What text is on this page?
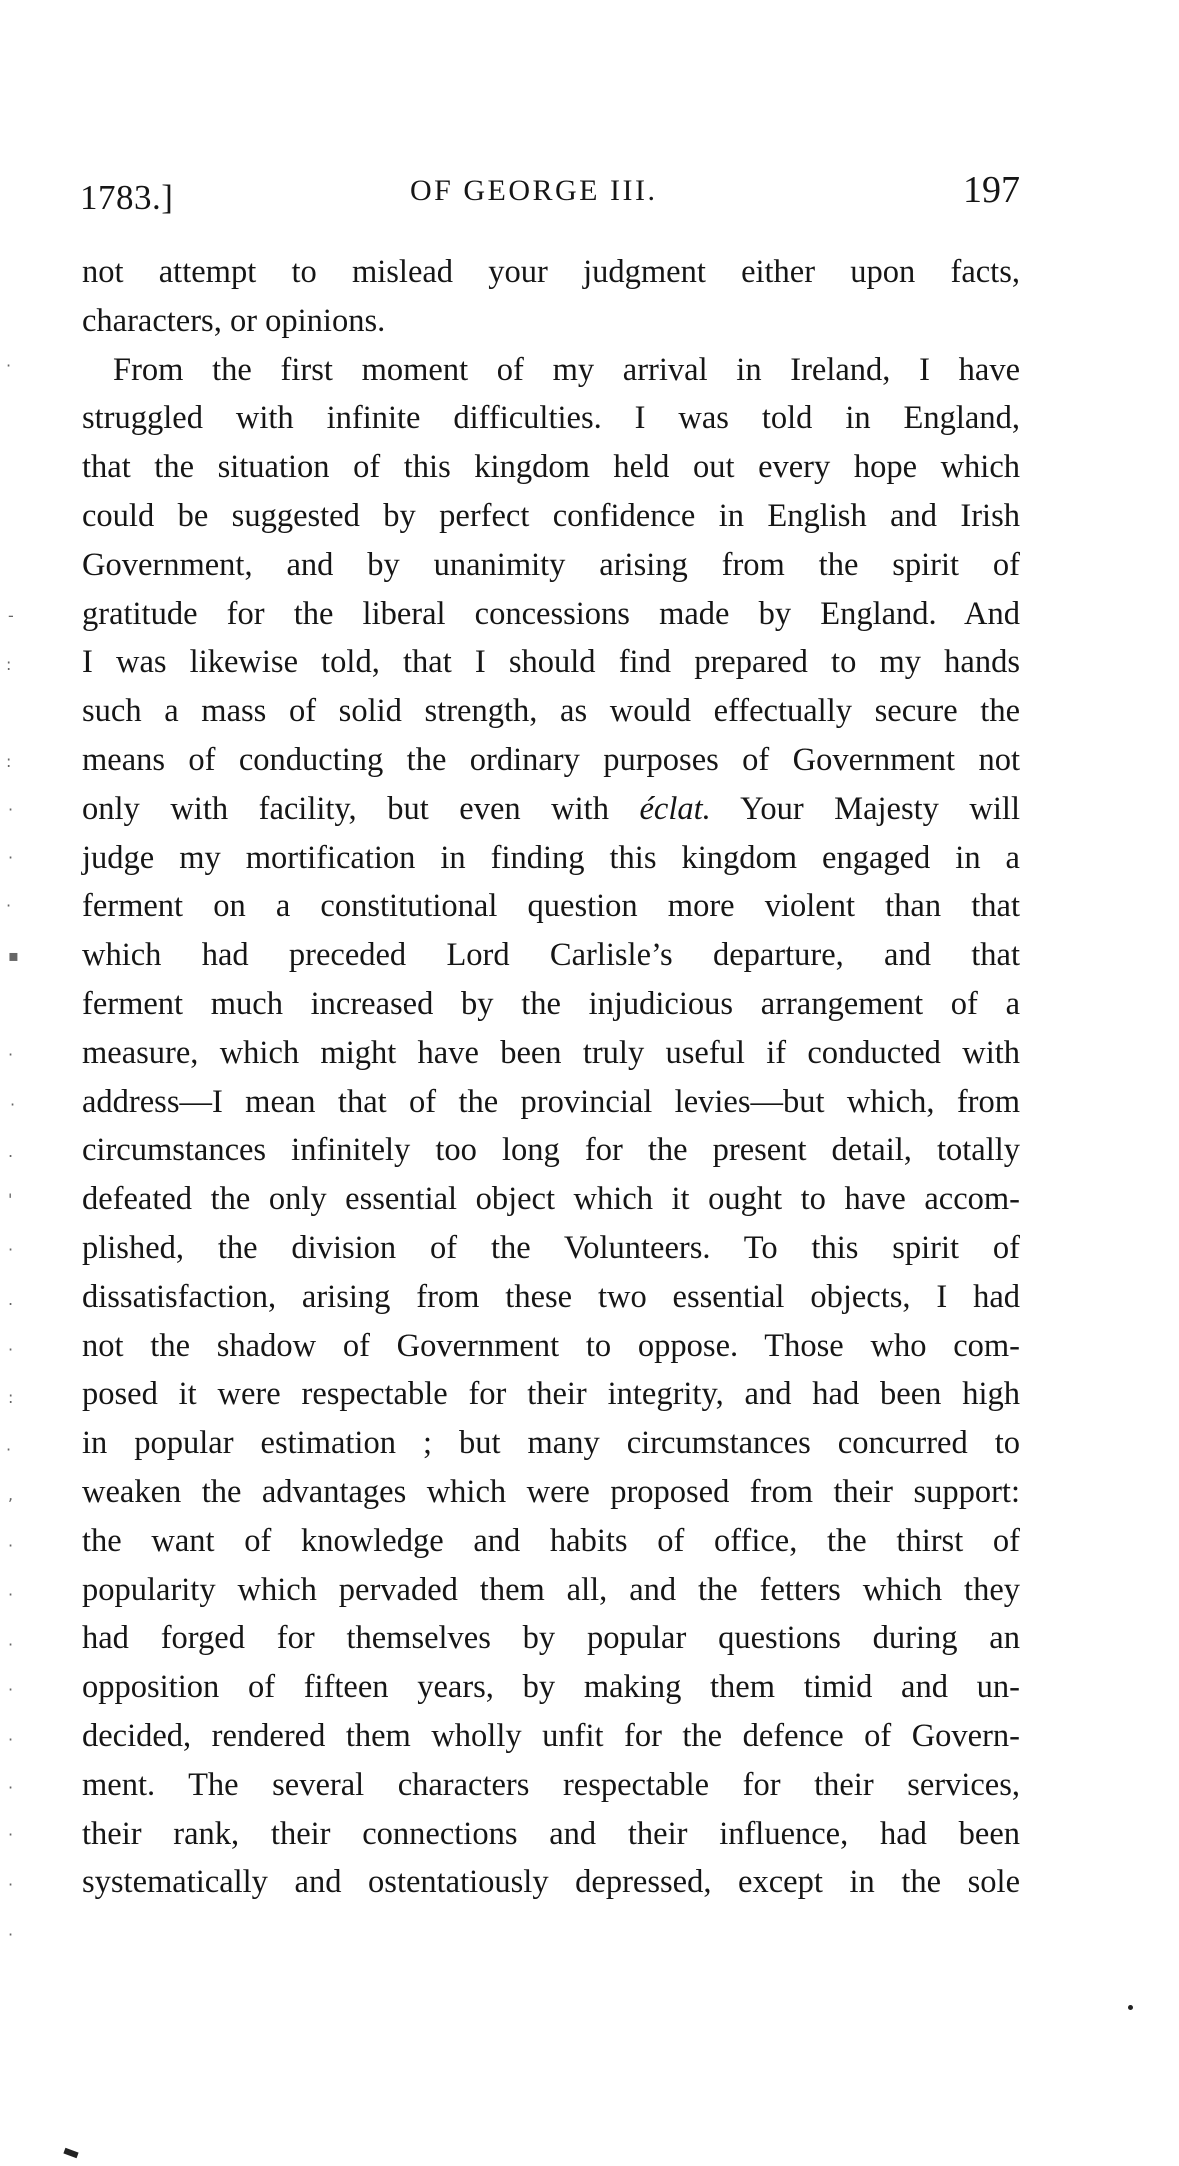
1783.]	OF GEORGE III.	197
not attempt to mislead your judgment either upon facts,
characters, or opinions.
From the first moment of my arrival in Ireland, I have
struggled with infinite difficulties. I was told in England,
that the situation of this kingdom held out every hope which
could be suggested by perfect confidence in English and Irish
Government, and by unanimity arising from the spirit of
gratitude for the liberal concessions made by England. And
I was likewise told, that I should find prepared to my hands
such a mass of solid strength, as would effectually secure the
means of conducting the ordinary purposes of Government not
only with facility, but even with éclat. Your Majesty will
judge my mortification in finding this kingdom engaged in a
ferment on a constitutional question more violent than that
which had preceded Lord Carlisle’s departure, and that
ferment much increased by the injudicious arrangement of a
measure, which might have been truly useful if conducted with
address—I mean that of the provincial levies—but which, from
circumstances infinitely too long for the present detail, totally
defeated the only essential object which it ought to have accom-
plished, the division of the Volunteers. To this spirit of
dissatisfaction, arising from these two essential objects, I had
not the shadow of Government to oppose. Those who com-
posed it were respectable for their integrity, and had been high
in popular estimation ; but many circumstances concurred to
weaken the advantages which were proposed from their support:
the want of knowledge and habits of office, the thirst of
popularity which pervaded them all, and the fetters which they
had forged for themselves by popular questions during an
opposition of fifteen years, by making them timid and un-
decided, rendered them wholly unfit for the defence of Govern-
ment. The several characters respectable for their services,
their rank, their connections and their influence, had been
systematically and ostentatiously depressed, except in the sole
·
-
:
:
·
·
·
▪
·
·
.
'
·
.
·
:
·
,
·
·
·
·
·
·
·
·
·
